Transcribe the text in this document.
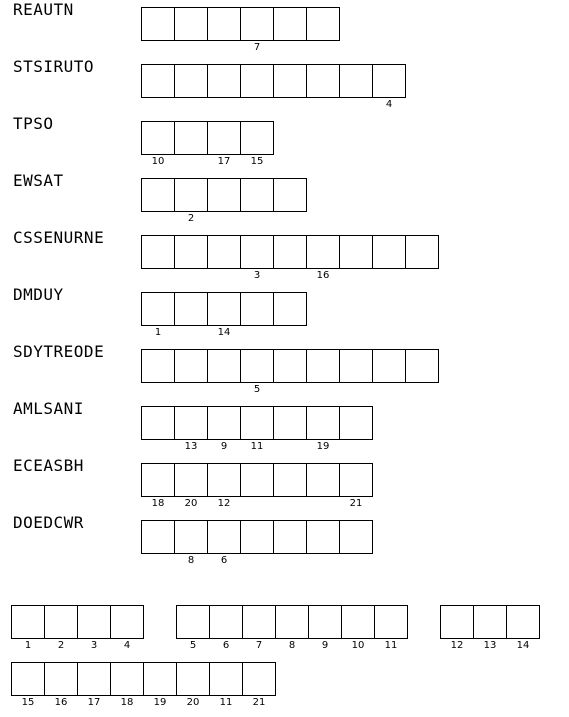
REAUTN
7
STSIRUTO
4
TPSO
10	17	15
EWSAT
2
CSSENURNE
3	16
DMDUY
1	14
SDYTREODE
5
AMLSANI
13	9	11	19
ECEASBH
18	20	12	21
DOEDCWR
8	6
1	2	3	4	5	6	7	8	9	10	11	12	13	14
15	16	17	18	19	20	11	21
